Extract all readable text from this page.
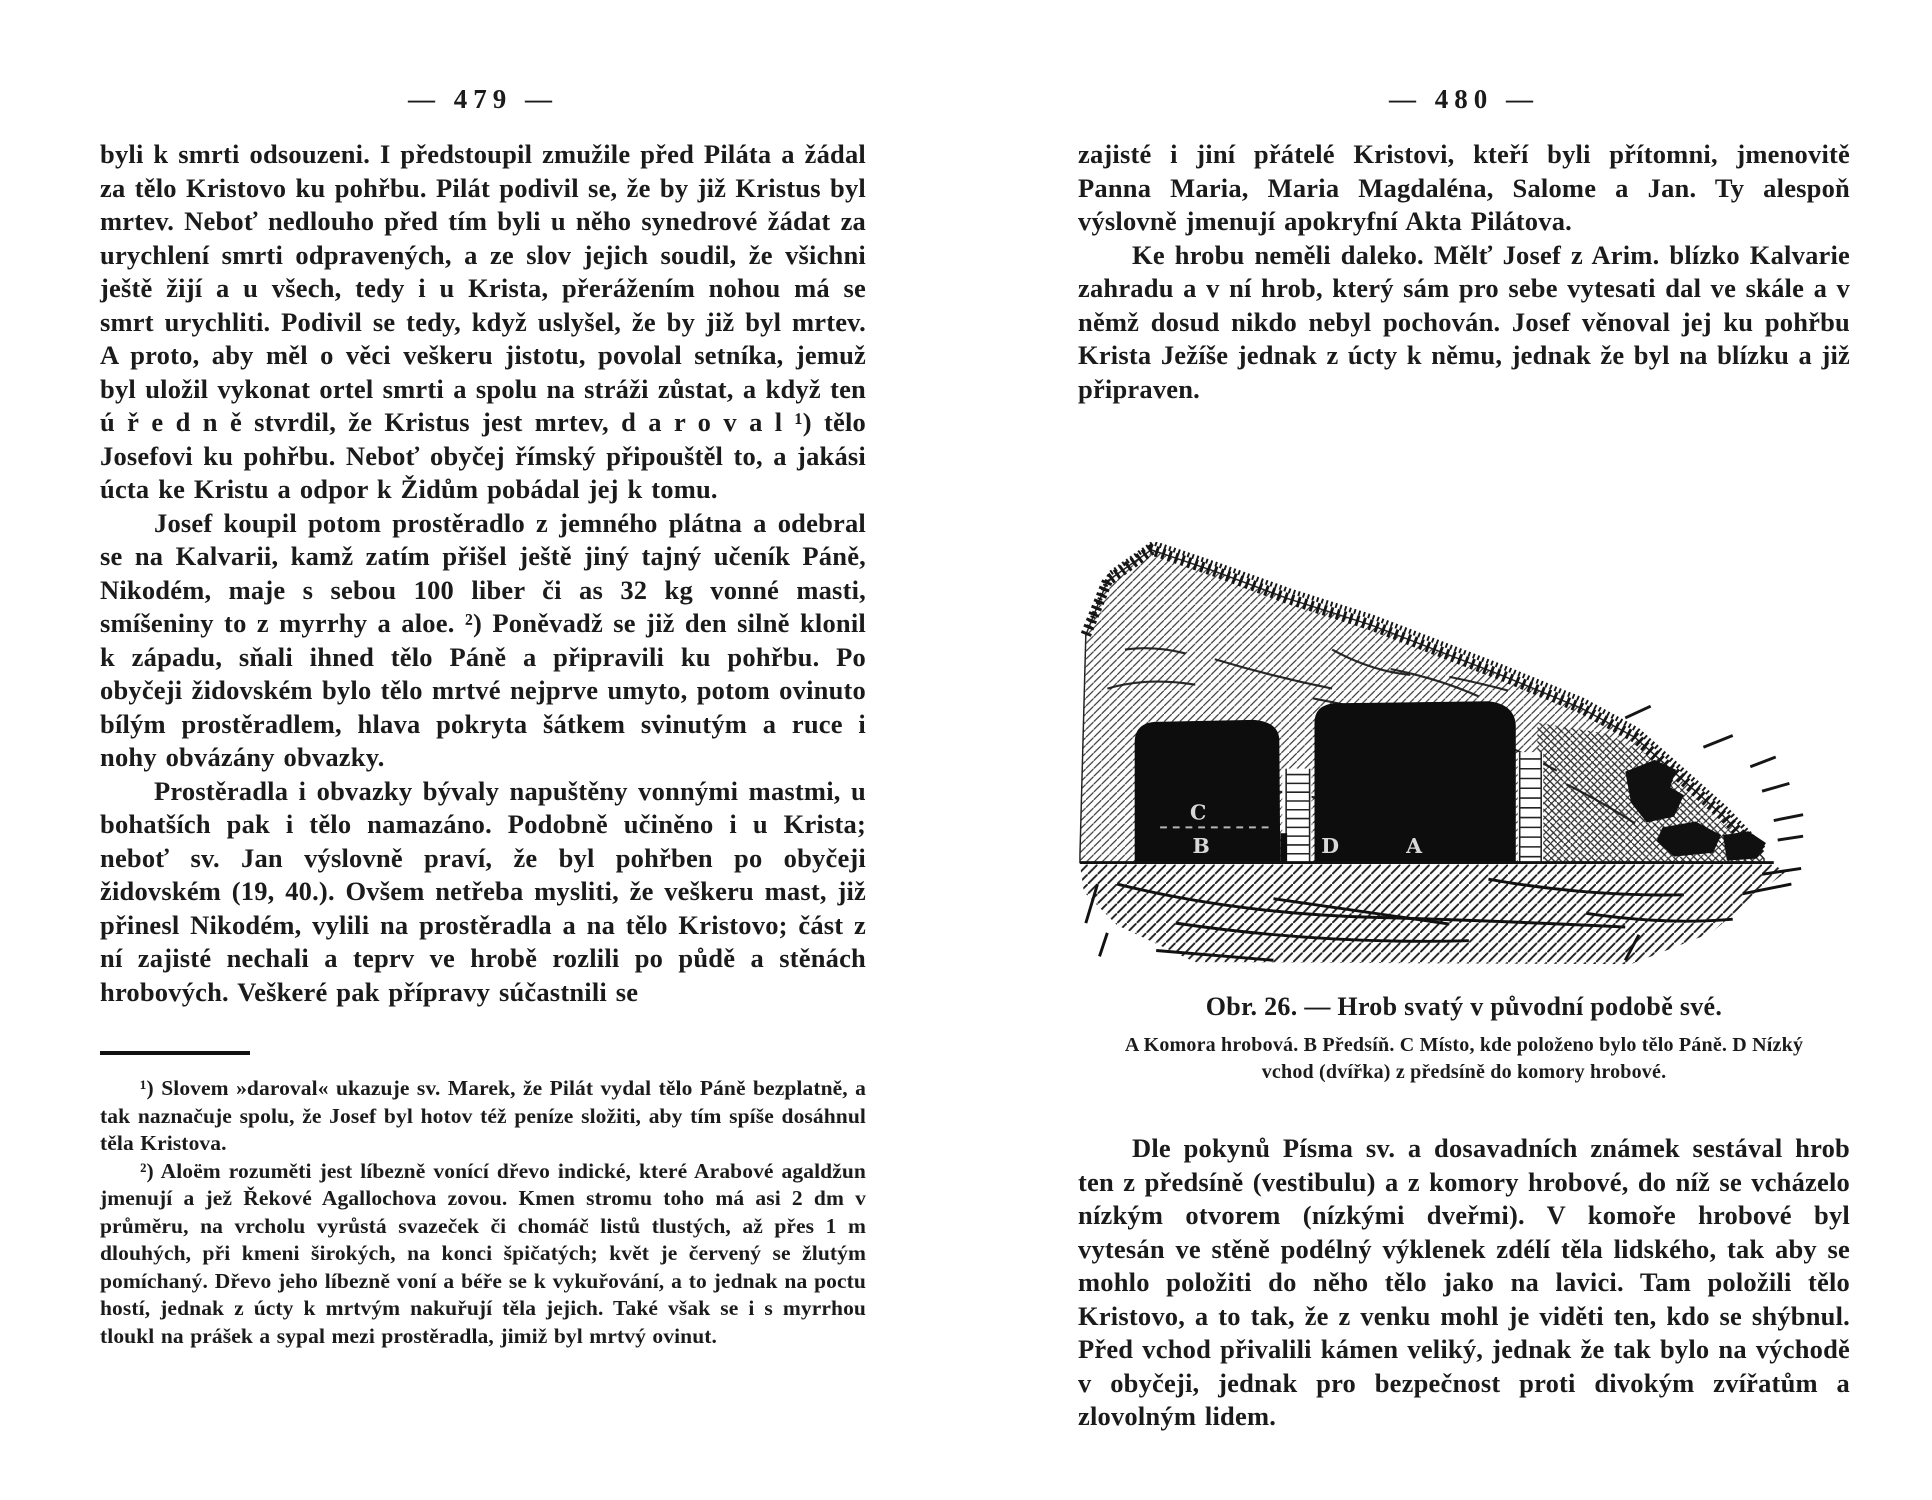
— 479 —

byli k smrti odsouzeni. I předstoupil zmužile před Piláta a žádal za tělo Kristovo ku pohřbu. Pilát podivil se, že by již Kristus byl mrtev. Neboť nedlouho před tím byli u něho synedrové žádat za urychlení smrti odpravených, a ze slov jejich soudil, že všichni ještě žijí a u všech, tedy i u Krista, přerážením nohou má se smrt urychliti. Podivil se tedy, když uslyšel, že by již byl mrtev. A proto, aby měl o věci veškeru jistotu, povolal setníka, jemuž byl uložil vykonat ortel smrti a spolu na stráži zůstat, a když ten ú ř e d n ě stvrdil, že Kristus jest mrtev, d a r o v a l ¹) tělo Josefovi ku pohřbu. Neboť obyčej římský připouštěl to, a jakási úcta ke Kristu a odpor k Židům pobádal jej k tomu.

Josef koupil potom prostěradlo z jemného plátna a odebral se na Kalvarii, kamž zatím přišel ještě jiný tajný učeník Páně, Nikodém, maje s sebou 100 liber či as 32 kg vonné masti, smíšeniny to z myrrhy a aloe. ²) Poněvadž se již den silně klonil k západu, sňali ihned tělo Páně a připravili ku pohřbu. Po obyčeji židovském bylo tělo mrtvé nejprve umyto, potom ovinuto bílým prostěradlem, hlava pokryta šátkem svinutým a ruce i nohy obvázány obvazky.

Prostěradla i obvazky bývaly napuštěny vonnými mastmi, u bohatších pak i tělo namazáno. Podobně učiněno i u Krista; neboť sv. Jan výslovně praví, že byl pohřben po obyčeji židovském (19, 40.). Ovšem netřeba mysliti, že veškeru mast, již přinesl Nikodém, vylili na prostěradla a na tělo Kristovo; část z ní zajisté nechali a teprv ve hrobě rozlili po půdě a stěnách hrobových. Veškeré pak přípravy súčastnili se

¹) Slovem »daroval« ukazuje sv. Marek, že Pilát vydal tělo Páně bezplatně, a tak naznačuje spolu, že Josef byl hotov též peníze složiti, aby tím spíše dosáhnul těla Kristova.

²) Aloëm rozuměti jest líbezně vonící dřevo indické, které Arabové agaldžun jmenují a jež Řekové Agallochova zovou. Kmen stromu toho má asi 2 dm v průměru, na vrcholu vyrůstá svazeček či chomáč listů tlustých, až přes 1 m dlouhých, při kmeni širokých, na konci špičatých; květ je červený se žlutým pomíchaný. Dřevo jeho líbezně voní a béře se k vykuřování, a to jednak na poctu hostí, jednak z úcty k mrtvým nakuřují těla jejich. Také však se i s myrrhou tloukl na prášek a sypal mezi prostěradla, jimiž byl mrtvý ovinut.

— 480 —

zajisté i jiní přátelé Kristovi, kteří byli přítomni, jmenovitě Panna Maria, Maria Magdaléna, Salome a Jan. Ty alespoň výslovně jmenují apokryfní Akta Pilátova.

Ke hrobu neměli daleko. Mělť Josef z Arim. blízko Kalvarie zahradu a v ní hrob, který sám pro sebe vytesati dal ve skále a v němž dosud nikdo nebyl pochován. Josef věnoval jej ku pohřbu Krista Ježíše jednak z úcty k němu, jednak že byl na blízku a již připraven.

C
B	D	A

Obr. 26. — Hrob svatý v původní podobě své.

A Komora hrobová. B Předsíň. C Místo, kde položeno bylo tělo Páně. D Nízký vchod (dvířka) z předsíně do komory hrobové.

Dle pokynů Písma sv. a dosavadních známek sestával hrob ten z předsíně (vestibulu) a z komory hrobové, do níž se vcházelo nízkým otvorem (nízkými dveřmi). V komoře hrobové byl vytesán ve stěně podélný výklenek zdélí těla lidského, tak aby se mohlo položiti do něho tělo jako na lavici. Tam položili tělo Kristovo, a to tak, že z venku mohl je viděti ten, kdo se shýbnul. Před vchod přivalili kámen veliký, jednak že tak bylo na východě v obyčeji, jednak pro bezpečnost proti divokým zvířatům a zlovolným lidem.
